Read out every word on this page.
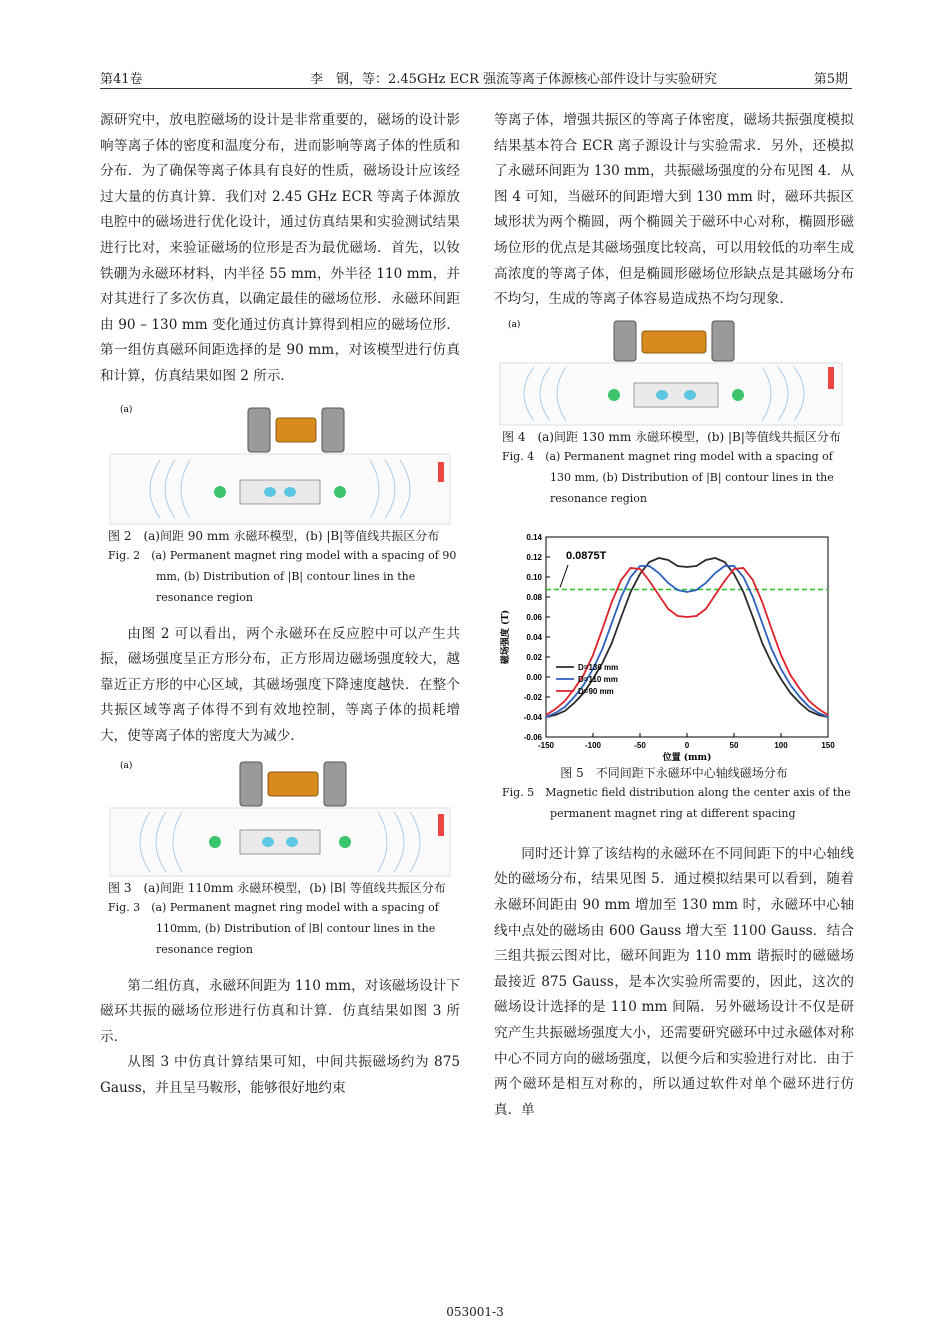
第41卷	李　钢，等：2.45GHz ECR 强流等离子体源核心部件设计与实验研究	第5期

源研究中，放电腔磁场的设计是非常重要的，磁场的设计影响等离子体的密度和温度分布，进而影响等离子体的性质和分布．为了确保等离子体具有良好的性质，磁场设计应该经过大量的仿真计算．我们对 2.45 GHz ECR 等离子体源放电腔中的磁场进行优化设计，通过仿真结果和实验测试结果进行比对，来验证磁场的位形是否为最优磁场．首先，以钕铁硼为永磁环材料，内半径 55 mm，外半径 110 mm，并对其进行了多次仿真，以确定最佳的磁场位形．永磁环间距由 90 – 130 mm 变化通过仿真计算得到相应的磁场位形．第一组仿真磁环间距选择的是 90 mm，对该模型进行仿真和计算，仿真结果如图 2 所示．

(a)

图 2　 (a)间距 90 mm 永磁环模型，(b) |B|等值线共振区分布

Fig. 2　 (a) Permanent magnet ring model with a spacing of 90 mm, (b) Distribution of |B| contour lines in the resonance region

由图 2 可以看出，两个永磁环在反应腔中可以产生共振，磁场强度呈正方形分布，正方形周边磁场强度较大，越靠近正方形的中心区域，其磁场强度下降速度越快．在整个共振区域等离子体得不到有效地控制，等离子体的损耗增大，使等离子体的密度大为减少．

(a)

图 3　 (a)间距 110mm 永磁环模型，(b) ∣B∣ 等值线共振区分布

Fig. 3　 (a) Permanent magnet ring model with a spacing of 110mm, (b) Distribution of ∣B∣ contour lines in the resonance region

第二组仿真，永磁环间距为 110 mm，对该磁场设计下磁环共振的磁场位形进行仿真和计算．仿真结果如图 3 所示．

从图 3 中仿真计算结果可知，中间共振磁场约为 875 Gauss，并且呈马鞍形，能够很好地约束

等离子体，增强共振区的等离子体密度，磁场共振强度模拟结果基本符合 ECR 离子源设计与实验需求．另外，还模拟了永磁环间距为 130 mm，共振磁场强度的分布见图 4．从图 4 可知，当磁环的间距增大到 130 mm 时，磁环共振区域形状为两个椭圆，两个椭圆关于磁环中心对称，椭圆形磁场位形的优点是其磁场强度比较高，可以用较低的功率生成高浓度的等离子体，但是椭圆形磁场位形缺点是其磁场分布不均匀，生成的等离子体容易造成热不均匀现象．

(a)

图 4　 (a)间距 130 mm 永磁环模型，(b) |B|等值线共振区分布

Fig. 4　 (a) Permanent magnet ring model with a spacing of 130 mm, (b) Distribution of |B| contour lines in the resonance region

-0.06
-0.04
-0.02
0.00
0.02
0.04
0.06
0.08
0.10
0.12
0.14
-150	-100	-50	0	50	100	150
位置 (mm)
磁场强度 (T)
0.0875T
D=130 mm
D=110 mm
D=90 mm

图 5　 不同间距下永磁环中心轴线磁场分布

Fig. 5　 Magnetic field distribution along the center axis of the permanent magnet ring at different spacing

同时还计算了该结构的永磁环在不同间距下的中心轴线处的磁场分布，结果见图 5．通过模拟结果可以看到，随着永磁环间距由 90 mm 增加至 130 mm 时，永磁环中心轴线中点处的磁场由 600 Gauss 增大至 1100 Gauss．结合三组共振云图对比，磁环间距为 110 mm 谐振时的磁磁场最接近 875 Gauss，是本次实验所需要的，因此，这次的磁场设计选择的是 110 mm 间隔．另外磁场设计不仅是研究产生共振磁场强度大小，还需要研究磁环中过永磁体对称中心不同方向的磁场强度，以便今后和实验进行对比．由于两个磁环是相互对称的，所以通过软件对单个磁环进行仿真．单

053001-3
